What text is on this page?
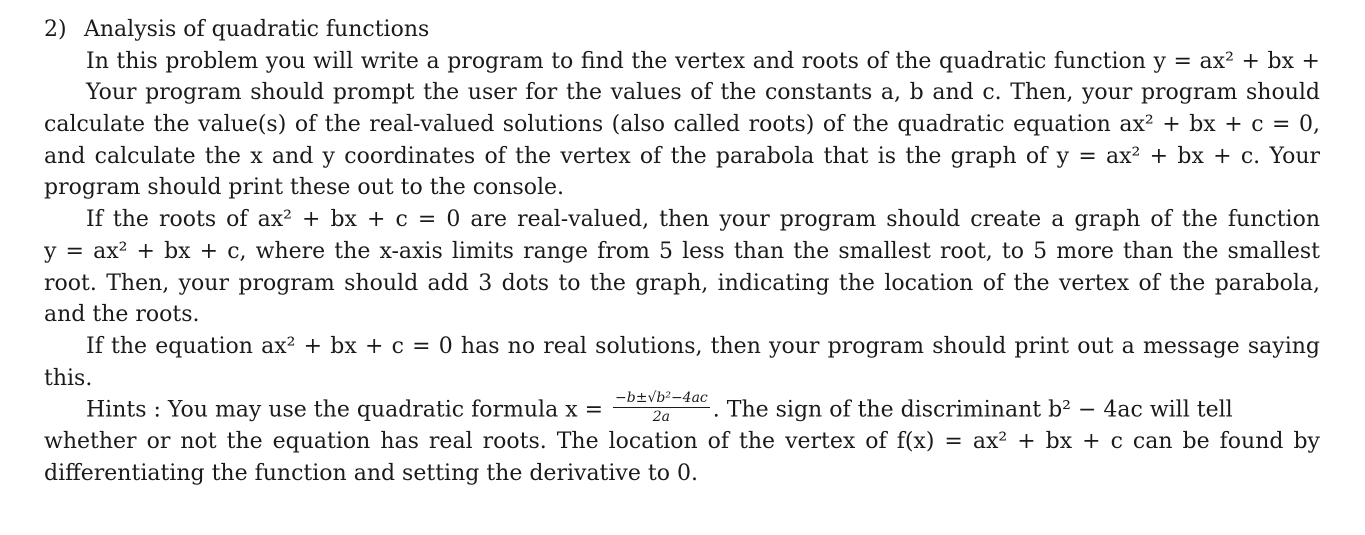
2) Analysis of quadratic functions
In this problem you will write a program to find the vertex and roots of the quadratic function y = ax² + bx +
Your program should prompt the user for the values of the constants a, b and c. Then, your program should
calculate the value(s) of the real-valued solutions (also called roots) of the quadratic equation ax² + bx + c = 0,
and calculate the x and y coordinates of the vertex of the parabola that is the graph of y = ax² + bx + c. Your
program should print these out to the console.
If the roots of ax² + bx + c = 0 are real-valued, then your program should create a graph of the function
y = ax² + bx + c, where the x-axis limits range from 5 less than the smallest root, to 5 more than the smallest
root. Then, your program should add 3 dots to the graph, indicating the location of the vertex of the parabola,
and the roots.
If the equation ax² + bx + c = 0 has no real solutions, then your program should print out a message saying
this.
Hints : You may use the quadratic formula $x = \frac{\text{−b±√b²−4ac}}{2a}$ . The sign of the discriminant b² − 4ac will tell
whether or not the equation has real roots. The location of the vertex of f(x) = ax² + bx + c can be found by
differentiating the function and setting the derivative to 0.
